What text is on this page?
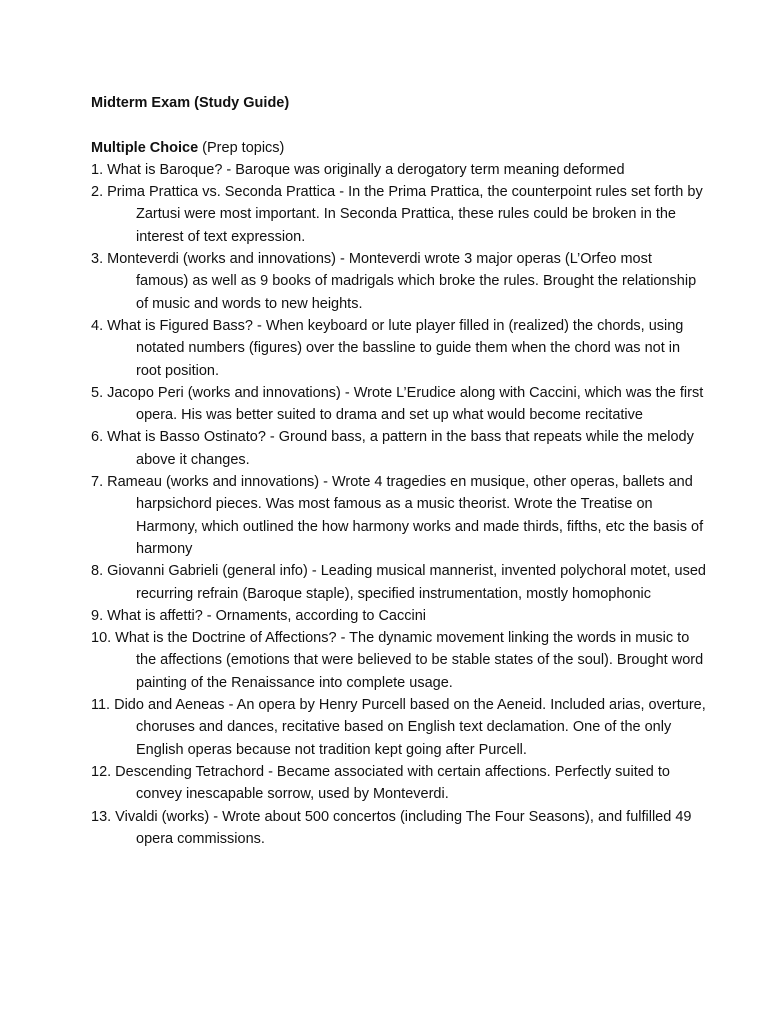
Midterm Exam (Study Guide)
Multiple Choice (Prep topics)
1. What is Baroque? - Baroque was originally a derogatory term meaning deformed
2. Prima Prattica vs. Seconda Prattica - In the Prima Prattica, the counterpoint rules set forth by Zartusi were most important. In Seconda Prattica, these rules could be broken in the interest of text expression.
3. Monteverdi (works and innovations) - Monteverdi wrote 3 major operas (L’Orfeo most famous) as well as 9 books of madrigals which broke the rules. Brought the relationship of music and words to new heights.
4. What is Figured Bass? - When keyboard or lute player filled in (realized) the chords, using notated numbers (figures) over the bassline to guide them when the chord was not in root position.
5. Jacopo Peri (works and innovations) - Wrote L’Erudice along with Caccini, which was the first opera. His was better suited to drama and set up what would become recitative
6. What is Basso Ostinato? - Ground bass, a pattern in the bass that repeats while the melody above it changes.
7. Rameau (works and innovations) - Wrote 4 tragedies en musique, other operas, ballets and harpsichord pieces. Was most famous as a music theorist. Wrote the Treatise on Harmony, which outlined the how harmony works and made thirds, fifths, etc the basis of harmony
8. Giovanni Gabrieli (general info) - Leading musical mannerist, invented polychoral motet, used recurring refrain (Baroque staple), specified instrumentation, mostly homophonic
9. What is affetti? - Ornaments, according to Caccini
10. What is the Doctrine of Affections? - The dynamic movement linking the words in music to the affections (emotions that were believed to be stable states of the soul). Brought word painting of the Renaissance into complete usage.
11. Dido and Aeneas - An opera by Henry Purcell based on the Aeneid. Included arias, overture, choruses and dances, recitative based on English text declamation. One of the only English operas because not tradition kept going after Purcell.
12. Descending Tetrachord - Became associated with certain affections. Perfectly suited to convey inescapable sorrow, used by Monteverdi.
13. Vivaldi (works) - Wrote about 500 concertos (including The Four Seasons), and fulfilled 49 opera commissions.
